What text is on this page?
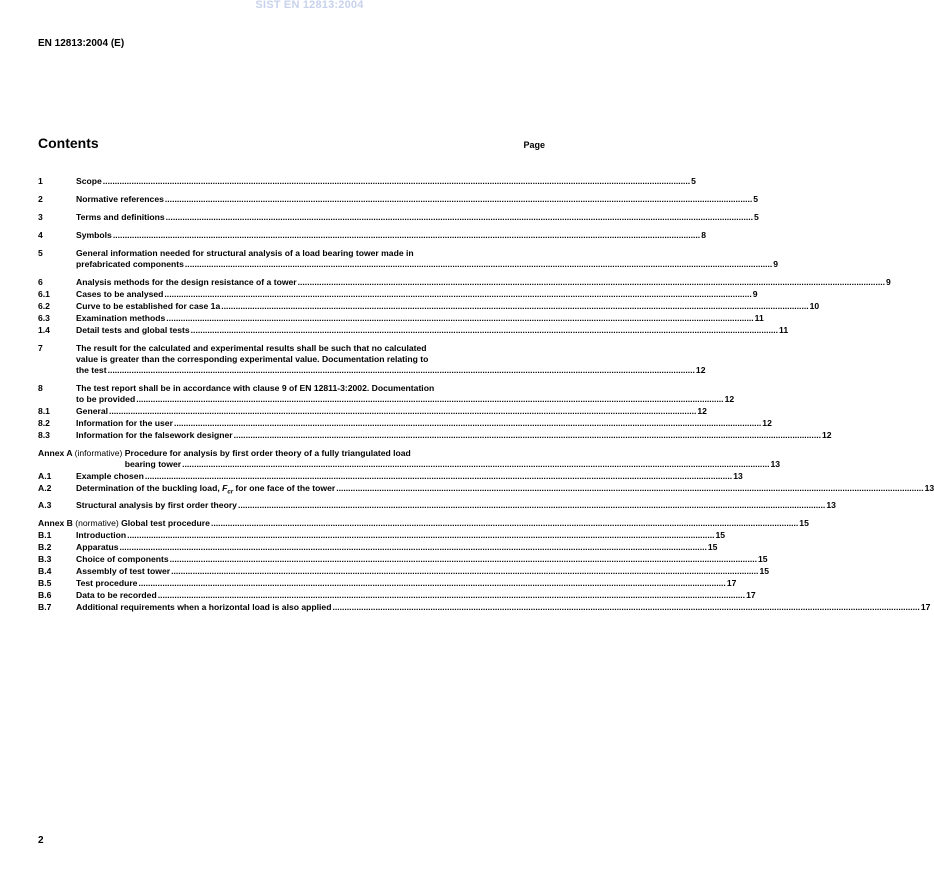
SIST EN 12813:2004
EN 12813:2004 (E)
Contents	Page
1	Scope .....	5
2	Normative references .....	5
3	Terms and definitions .....	5
4	Symbols .....	8
5	General information needed for structural analysis of a load bearing tower made in
prefabricated components .....	9
6	Analysis methods for the design resistance of a tower .....	9
6.1	Cases to be analysed .....	9
6.2	Curve to be established for case 1a .....	10
6.3	Examination methods .....	11
1.4	Detail tests and global tests .....	11
7	The result for the calculated and experimental results shall be such that no calculated
value is greater than the corresponding experimental value. Documentation relating to
the test .....	12
8	The test report shall be in accordance with clause 9 of EN 12811-3:2002. Documentation
to be provided .....	12
8.1	General .....	12
8.2	Information for the user .....	12
8.3	Information for the falsework designer .....	12
Annex A (informative) Procedure for analysis by first order theory of a fully triangulated load
bearing tower .....	13
A.1	Example chosen .....	13
A.2	Determination of the buckling load, $F_{cr}$ for one face of the tower .....	13
A.3	Structural analysis by first order theory .....	13
Annex B (normative) Global test procedure .....	15
B.1	Introduction .....	15
B.2	Apparatus .....	15
B.3	Choice of components .....	15
B.4	Assembly of test tower .....	15
B.5	Test procedure .....	17
B.6	Data to be recorded .....	17
B.7	Additional requirements when a horizontal load is also applied .....	17
2
